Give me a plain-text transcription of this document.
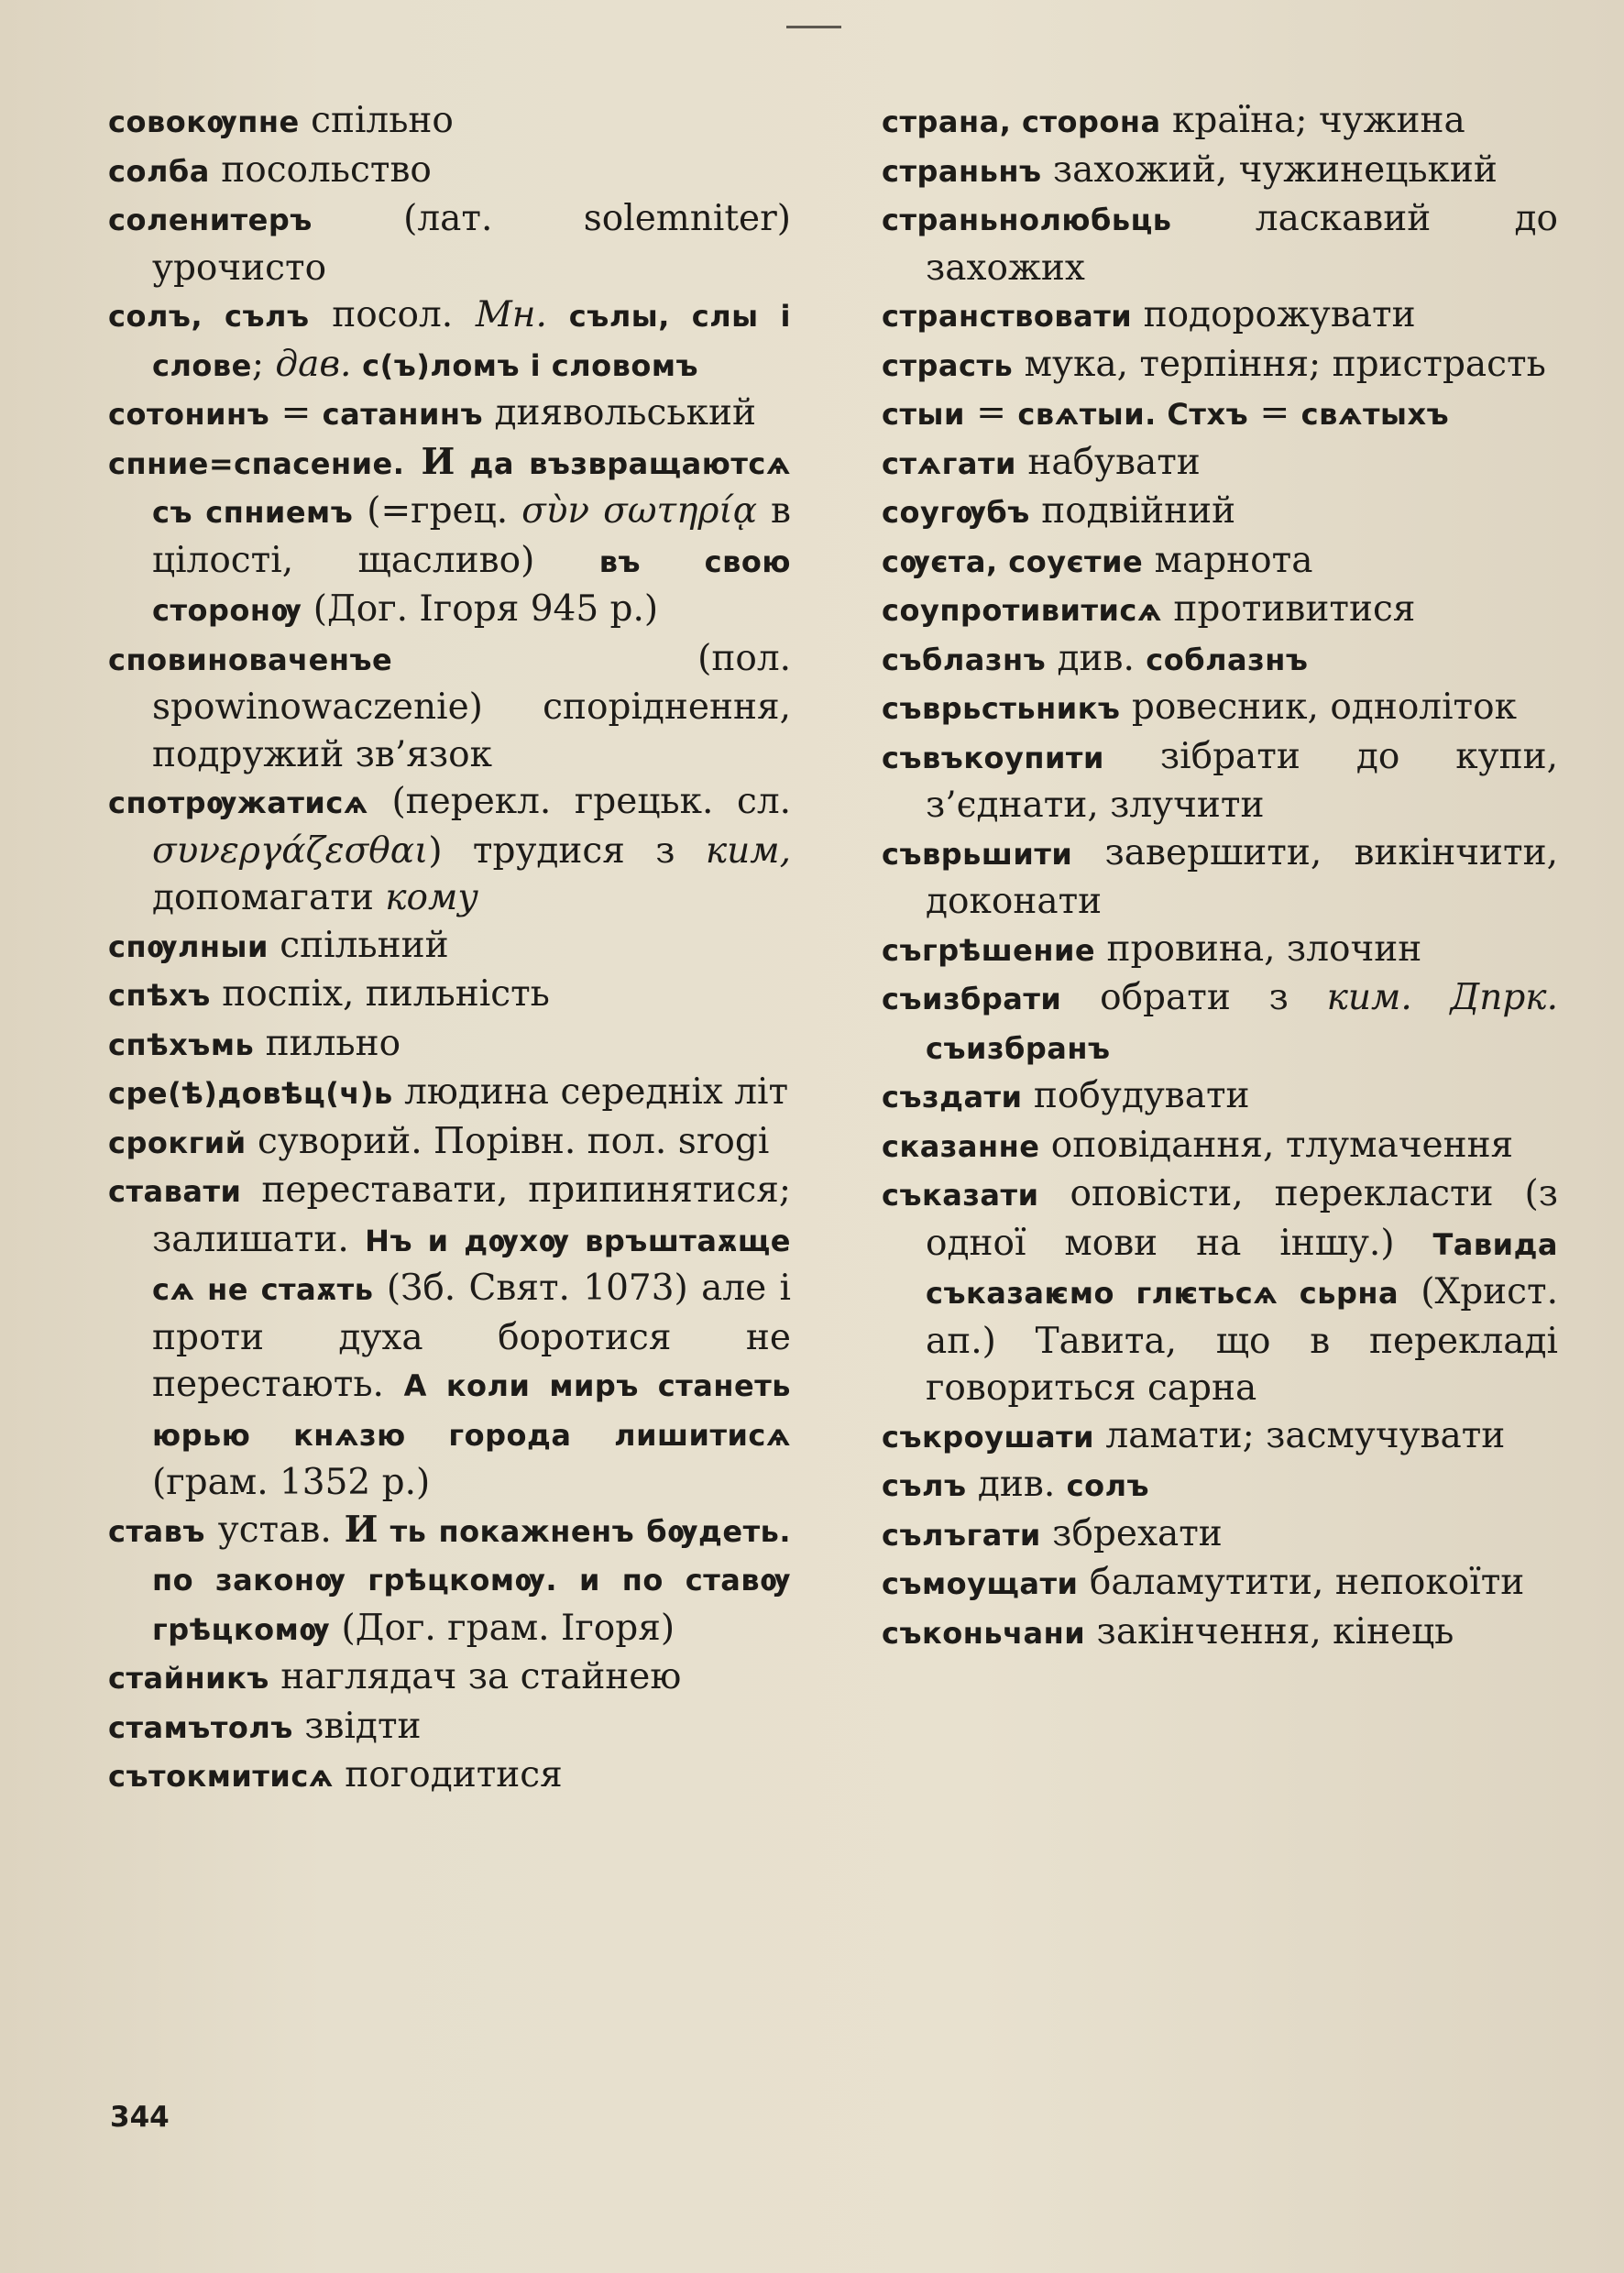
совокѹпне спільно
солба посольство
соленитеръ (лат. solemniter) урочисто
солъ, сълъ посол. Мн. сълы, слы і слове; дав. с(ъ)ломъ і словомъ
сотонинъ = сатанинъ диявольський
спние=спасение. И да възвращаютсѧ съ спниемъ (=грец. σὺν σωτηρίᾳ в цілості, щасливо) въ свою сторонѹ (Дог. Ігоря 945 р.)
сповиноваченъе (пол. spowinowaczenie) споріднення, подружий зв’язок
спотрѹжатисѧ (перекл. грецьк. сл. συνεργάζεσθαι) трудися з ким, допомагати кому
спѹлныи спільний
спѣхъ поспіх, пильність
спѣхъмь пильно
сре(ѣ)довѣц(ч)ь людина середніх літ
срокгий суворий. Порівн. пол. srogi
ставати переставати, припинятися; залишати. Нъ и дѹхѹ връштаѫще сѧ не стаѫть (Зб. Свят. 1073) але і проти духа боротися не перестають. А коли миръ станеть юрью кнѧзю города лишитисѧ (грам. 1352 р.)
ставъ устав. И ть покажненъ бѹдеть. по законѹ грѣцкомѹ. и по ставѹ грѣцкомѹ (Дог. грам. Ігоря)
стайникъ наглядач за стайнею
стамътолъ звідти
сътокмитисѧ погодитися
страна, сторона країна; чужина
страньнъ захожий, чужинецький
страньнолюбьць ласкавий до захожих
странствовати подорожувати
страсть мука, терпіння; пристрасть
стыи = свѧтыи. Стхъ = свѧтыхъ
стѧгати набувати
соугѹбъ подвійний
сѹєта, соуєтие марнота
соупротивитисѧ противитися
съблазнъ див. соблазнъ
съврьстьникъ ровесник, одноліток
съвъкоупити зібрати до купи, з’єднати, злучити
съврьшити завершити, викінчити, доконати
съгрѣшение провина, злочин
съизбрати обрати з ким. Дпрк. съизбранъ
създати побудувати
сказанне оповідання, тлумачення
съказати оповісти, перекласти (з одної мови на іншу.) Тавида съказаѥмо глѥтьсѧ сьрна (Христ. ап.) Тавита, що в перекладі говориться сарна
съкроушати ламати; засмучувати
сълъ див. солъ
сълъгати збрехати
съмоущати баламутити, непокоїти
съконьчани закінчення, кінець
344
